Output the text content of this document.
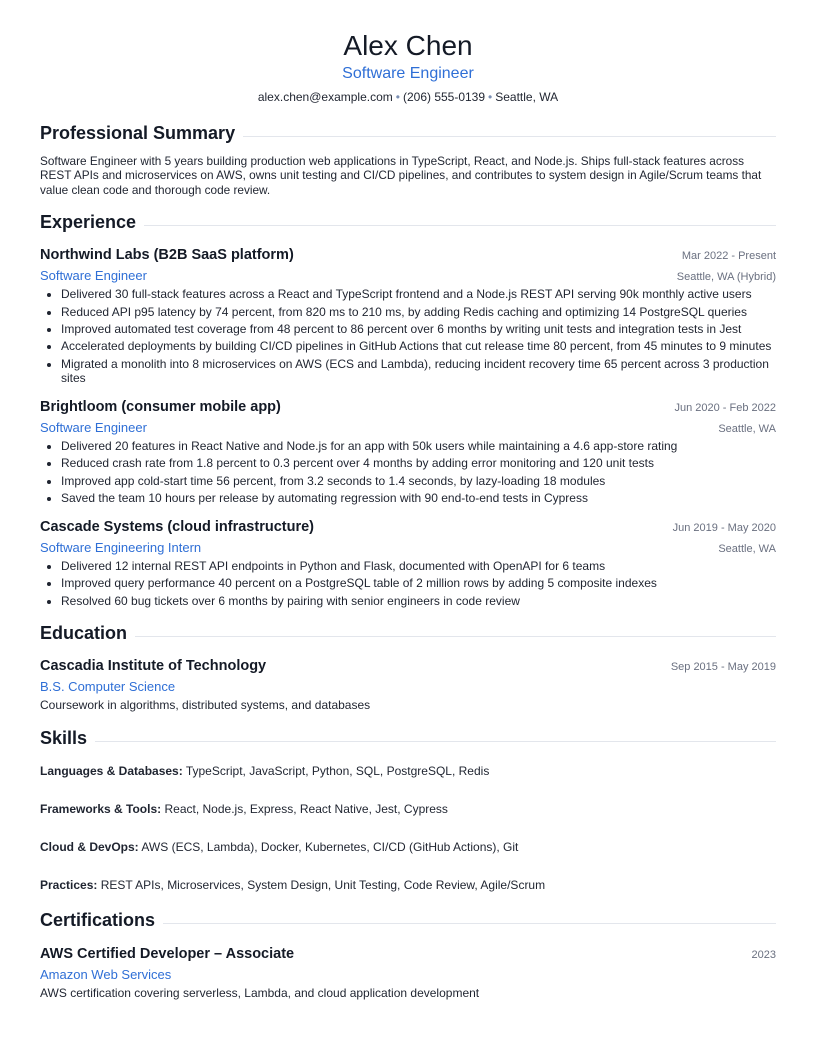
Alex Chen
Software Engineer
alex.chen@example.com • (206) 555-0139 • Seattle, WA
Professional Summary
Software Engineer with 5 years building production web applications in TypeScript, React, and Node.js. Ships full-stack features across REST APIs and microservices on AWS, owns unit testing and CI/CD pipelines, and contributes to system design in Agile/Scrum teams that value clean code and thorough code review.
Experience
Northwind Labs (B2B SaaS platform)	Mar 2022 - Present
Software Engineer	Seattle, WA (Hybrid)
• Delivered 30 full-stack features across a React and TypeScript frontend and a Node.js REST API serving 90k monthly active users
• Reduced API p95 latency by 74 percent, from 820 ms to 210 ms, by adding Redis caching and optimizing 14 PostgreSQL queries
• Improved automated test coverage from 48 percent to 86 percent over 6 months by writing unit tests and integration tests in Jest
• Accelerated deployments by building CI/CD pipelines in GitHub Actions that cut release time 80 percent, from 45 minutes to 9 minutes
• Migrated a monolith into 8 microservices on AWS (ECS and Lambda), reducing incident recovery time 65 percent across 3 production sites
Brightloom (consumer mobile app)	Jun 2020 - Feb 2022
Software Engineer	Seattle, WA
• Delivered 20 features in React Native and Node.js for an app with 50k users while maintaining a 4.6 app-store rating
• Reduced crash rate from 1.8 percent to 0.3 percent over 4 months by adding error monitoring and 120 unit tests
• Improved app cold-start time 56 percent, from 3.2 seconds to 1.4 seconds, by lazy-loading 18 modules
• Saved the team 10 hours per release by automating regression with 90 end-to-end tests in Cypress
Cascade Systems (cloud infrastructure)	Jun 2019 - May 2020
Software Engineering Intern	Seattle, WA
• Delivered 12 internal REST API endpoints in Python and Flask, documented with OpenAPI for 6 teams
• Improved query performance 40 percent on a PostgreSQL table of 2 million rows by adding 5 composite indexes
• Resolved 60 bug tickets over 6 months by pairing with senior engineers in code review
Education
Cascadia Institute of Technology	Sep 2015 - May 2019
B.S. Computer Science
Coursework in algorithms, distributed systems, and databases
Skills
Languages & Databases: TypeScript, JavaScript, Python, SQL, PostgreSQL, Redis
Frameworks & Tools: React, Node.js, Express, React Native, Jest, Cypress
Cloud & DevOps: AWS (ECS, Lambda), Docker, Kubernetes, CI/CD (GitHub Actions), Git
Practices: REST APIs, Microservices, System Design, Unit Testing, Code Review, Agile/Scrum
Certifications
AWS Certified Developer – Associate	2023
Amazon Web Services
AWS certification covering serverless, Lambda, and cloud application development
